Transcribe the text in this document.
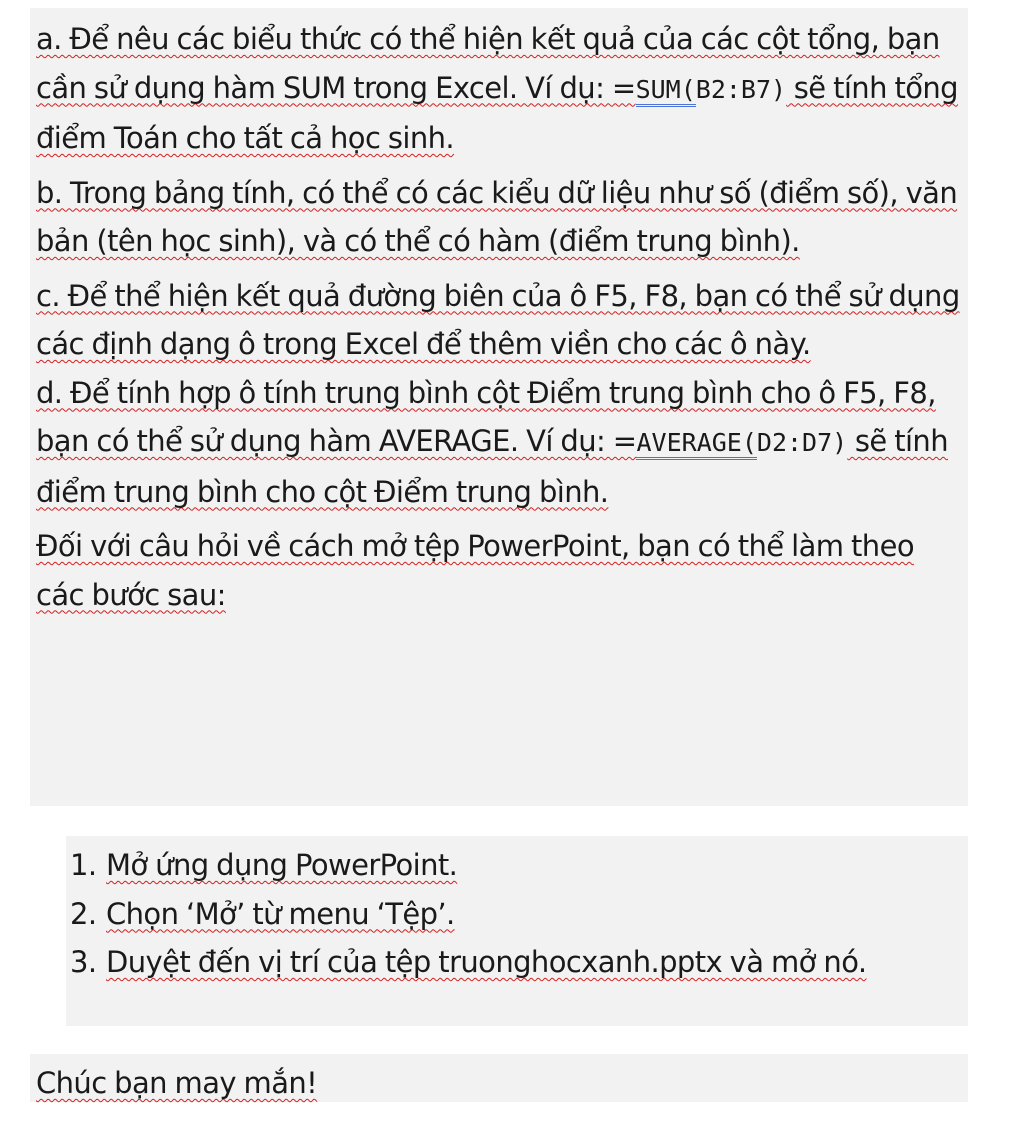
a. Để nêu các biểu thức có thể hiện kết quả của các cột tổng, bạn cần sử dụng hàm SUM trong Excel. Ví dụ: =SUM(B2:B7) sẽ tính tổng điểm Toán cho tất cả học sinh.

b. Trong bảng tính, có thể có các kiểu dữ liệu như số (điểm số), văn bản (tên học sinh), và có thể có hàm (điểm trung bình).

c. Để thể hiện kết quả đường biên của ô F5, F8, bạn có thể sử dụng các định dạng ô trong Excel để thêm viền cho các ô này.

d. Để tính hợp ô tính trung bình cột Điểm trung bình cho ô F5, F8, bạn có thể sử dụng hàm AVERAGE. Ví dụ: =AVERAGE(D2:D7) sẽ tính điểm trung bình cho cột Điểm trung bình.

Đối với câu hỏi về cách mở tệp PowerPoint, bạn có thể làm theo các bước sau:

1. Mở ứng dụng PowerPoint.
2. Chọn ‘Mở’ từ menu ‘Tệp’.
3. Duyệt đến vị trí của tệp truonghocxanh.pptx và mở nó.

Chúc bạn may mắn!
